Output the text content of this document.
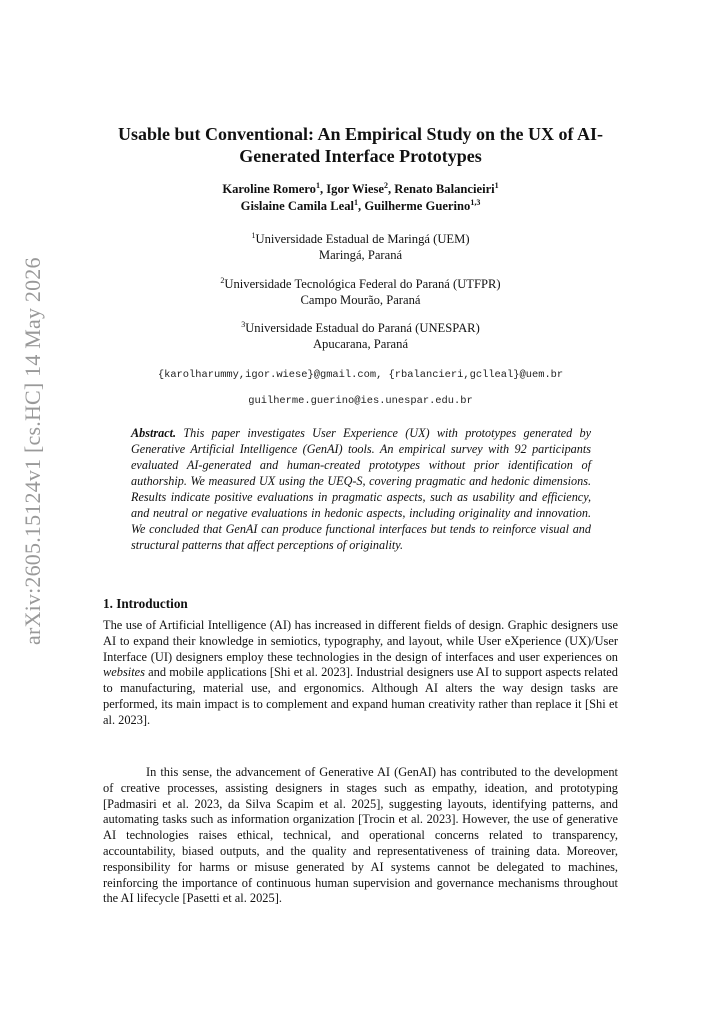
arXiv:2605.15124v1 [cs.HC] 14 May 2026
Usable but Conventional: An Empirical Study on the UX of AI-Generated Interface Prototypes
Karoline Romero$^1$, Igor Wiese$^2$, Renato Balancieiri$^1$
Gislaine Camila Leal$^1$, Guilherme Guerino$^{1,3}$
$^1$Universidade Estadual de Maringá (UEM)
Maringá, Paraná
$^2$Universidade Tecnológica Federal do Paraná (UTFPR)
Campo Mourão, Paraná
$^3$Universidade Estadual do Paraná (UNESPAR)
Apucarana, Paraná
{karolharummy,igor.wiese}@gmail.com, {rbalancieri,gclleal}@uem.br
guilherme.guerino@ies.unespar.edu.br
Abstract. This paper investigates User Experience (UX) with prototypes generated by Generative Artificial Intelligence (GenAI) tools. An empirical survey with 92 participants evaluated AI-generated and human-created prototypes without prior identification of authorship. We measured UX using the UEQ-S, covering pragmatic and hedonic dimensions. Results indicate positive evaluations in pragmatic aspects, such as usability and efficiency, and neutral or negative evaluations in hedonic aspects, including originality and innovation. We concluded that GenAI can produce functional interfaces but tends to reinforce visual and structural patterns that affect perceptions of originality.
1. Introduction
The use of Artificial Intelligence (AI) has increased in different fields of design. Graphic designers use AI to expand their knowledge in semiotics, typography, and layout, while User eXperience (UX)/User Interface (UI) designers employ these technologies in the design of interfaces and user experiences on websites and mobile applications [Shi et al. 2023]. Industrial designers use AI to support aspects related to manufacturing, material use, and ergonomics. Although AI alters the way design tasks are performed, its main impact is to complement and expand human creativity rather than replace it [Shi et al. 2023].
In this sense, the advancement of Generative AI (GenAI) has contributed to the development of creative processes, assisting designers in stages such as empathy, ideation, and prototyping [Padmasiri et al. 2023, da Silva Scapim et al. 2025], suggesting layouts, identifying patterns, and automating tasks such as information organization [Trocin et al. 2023]. However, the use of generative AI technologies raises ethical, technical, and operational concerns related to transparency, accountability, biased outputs, and the quality and representativeness of training data. Moreover, responsibility for harms or misuse generated by AI systems cannot be delegated to machines, reinforcing the importance of continuous human supervision and governance mechanisms throughout the AI lifecycle [Pasetti et al. 2025].
